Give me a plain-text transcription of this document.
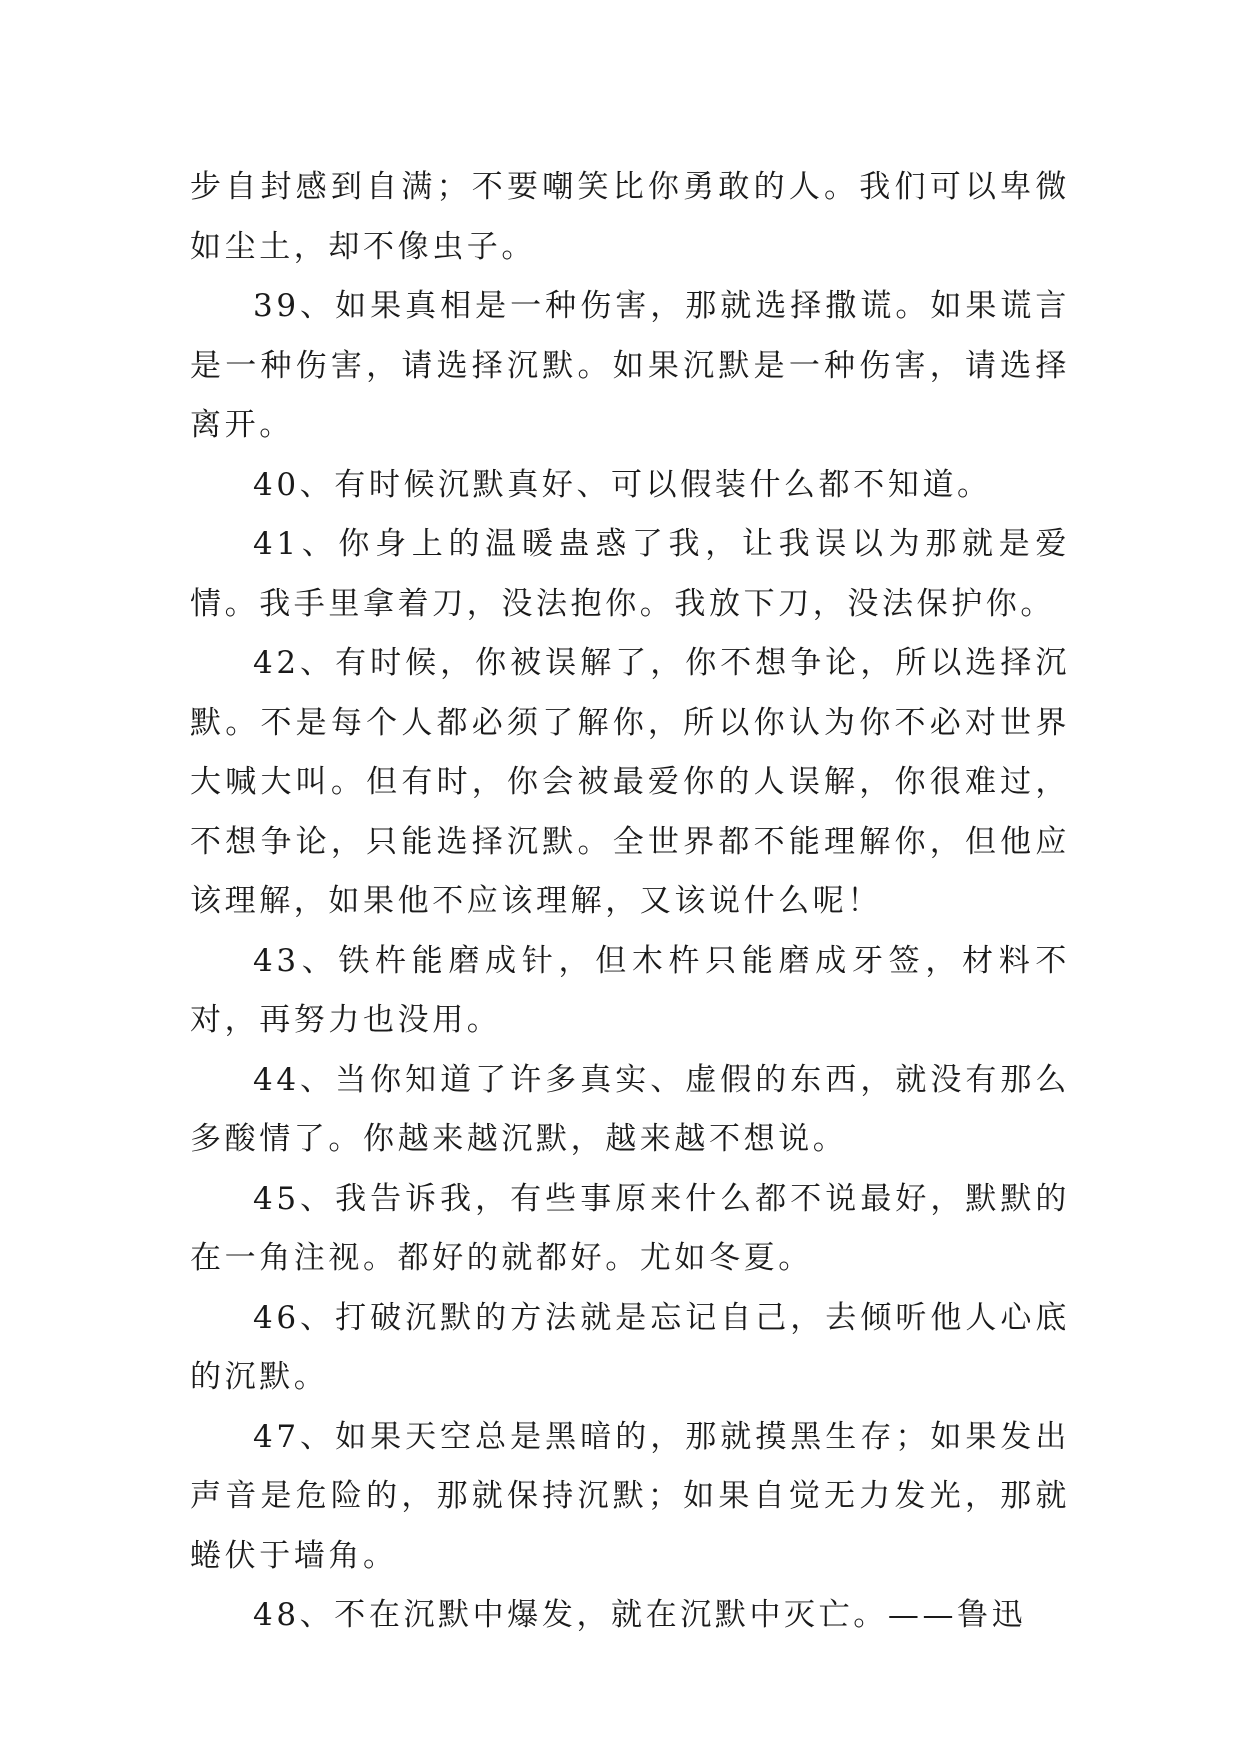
步自封感到自满；不要嘲笑比你勇敢的人。我们可以卑微如尘土，却不像虫子。

39、如果真相是一种伤害，那就选择撒谎。如果谎言是一种伤害，请选择沉默。如果沉默是一种伤害，请选择离开。

40、有时候沉默真好、可以假装什么都不知道。

41、你身上的温暖蛊惑了我，让我误以为那就是爱情。我手里拿着刀，没法抱你。我放下刀，没法保护你。

42、有时候，你被误解了，你不想争论，所以选择沉默。不是每个人都必须了解你，所以你认为你不必对世界大喊大叫。但有时，你会被最爱你的人误解，你很难过，不想争论，只能选择沉默。全世界都不能理解你，但他应该理解，如果他不应该理解，又该说什么呢！

43、铁杵能磨成针，但木杵只能磨成牙签，材料不对，再努力也没用。

44、当你知道了许多真实、虚假的东西，就没有那么多酸情了。你越来越沉默，越来越不想说。

45、我告诉我，有些事原来什么都不说最好，默默的在一角注视。都好的就都好。尤如冬夏。

46、打破沉默的方法就是忘记自己，去倾听他人心底的沉默。

47、如果天空总是黑暗的，那就摸黑生存；如果发出声音是危险的，那就保持沉默；如果自觉无力发光，那就蜷伏于墙角。

48、不在沉默中爆发，就在沉默中灭亡。——鲁迅
